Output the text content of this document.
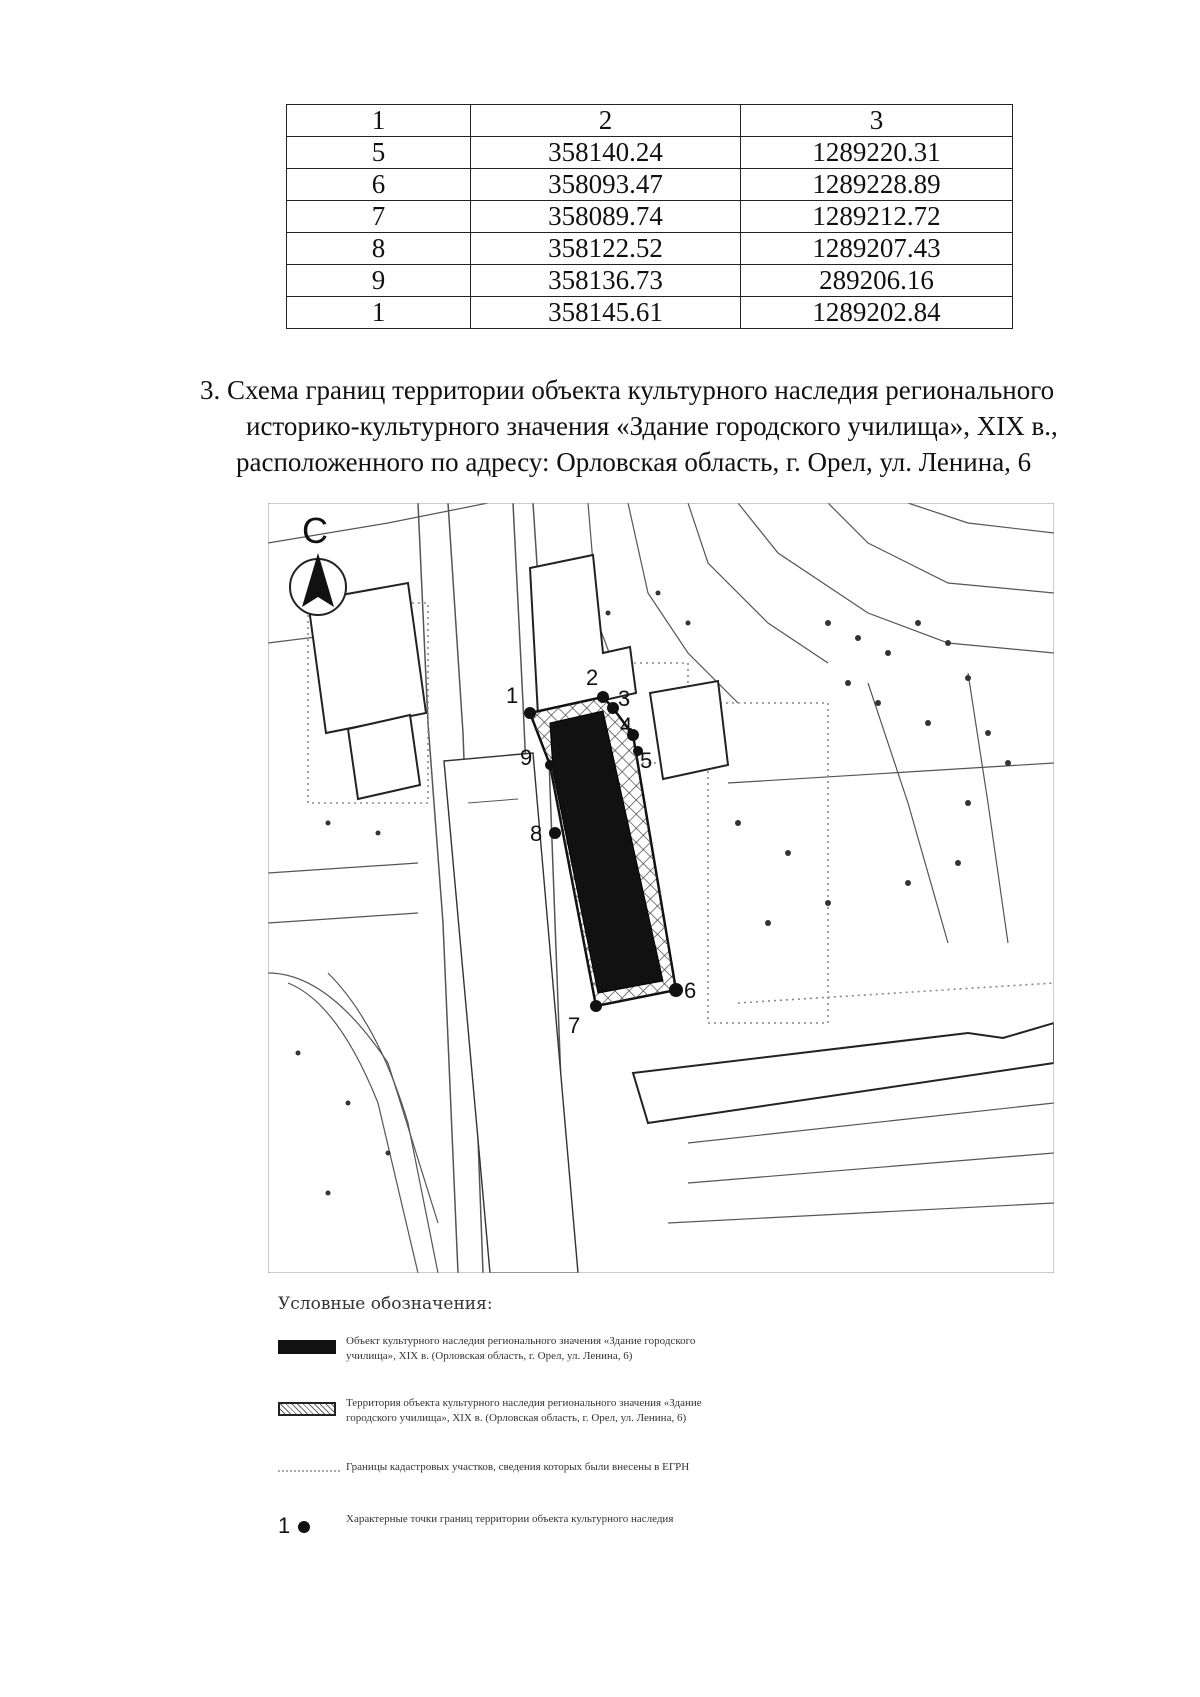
1	2	3
5	358140.24	1289220.31
6	358093.47	1289228.89
7	358089.74	1289212.72
8	358122.52	1289207.43
9	358136.73	289206.16
1	358145.61	1289202.84
3. Схема границ территории объекта культурного наследия регионального
историко-культурного значения «Здание городского училища», XIX в.,
расположенного по адресу: Орловская область, г. Орел, ул. Ленина, 6
1
2
3
4
5
6
7
8
9
С
Условные обозначения:
Объект культурного наследия регионального значения «Здание городского училища», XIX в. (Орловская область, г. Орел, ул. Ленина, 6)
Территория объекта культурного наследия регионального значения «Здание городского училища», XIX в. (Орловская область, г. Орел, ул. Ленина, 6)
Границы кадастровых участков, сведения которых были внесены в ЕГРН
1	Характерные точки границ территории объекта культурного наследия
